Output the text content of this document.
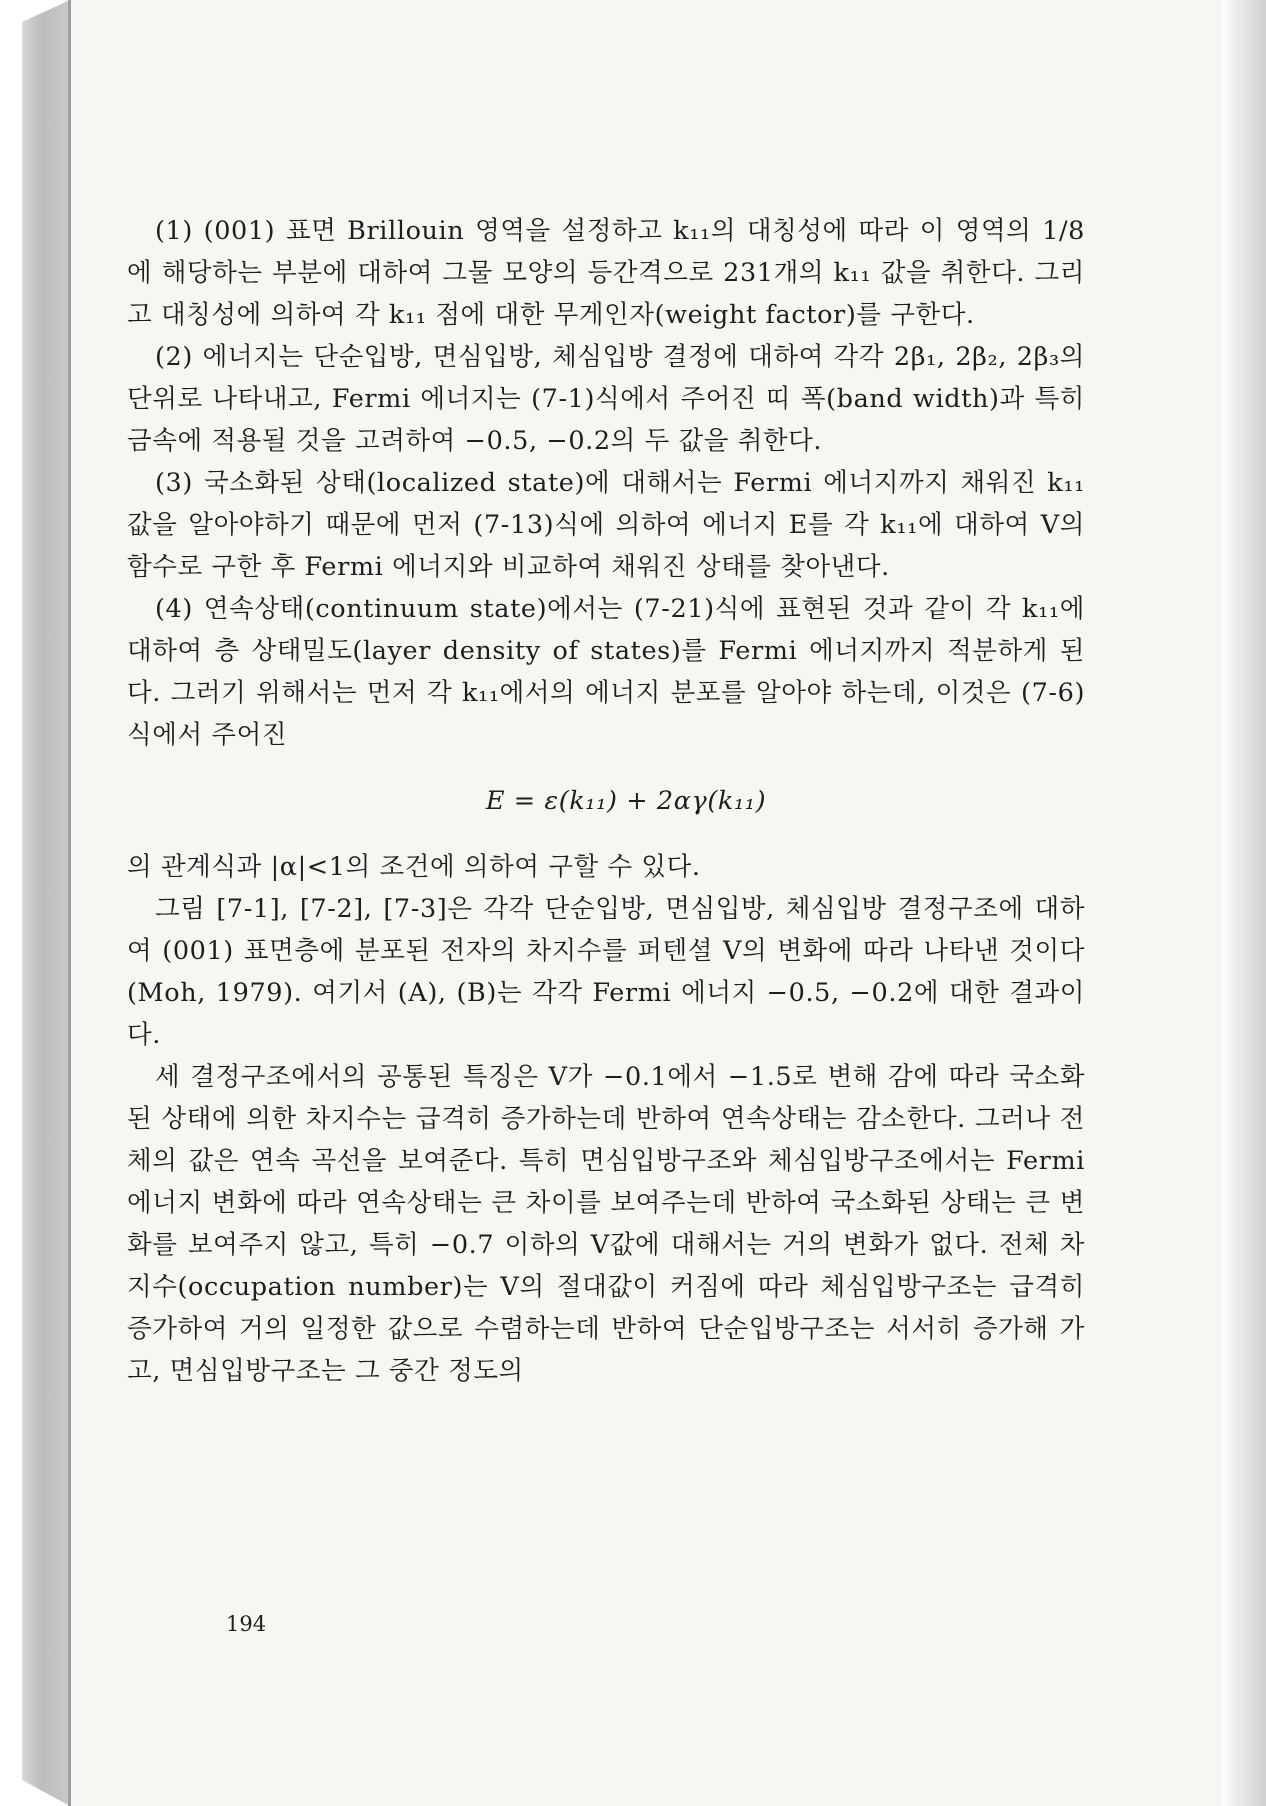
(1) (001) 표면 Brillouin 영역을 설정하고 k₁₁의 대칭성에 따라 이 영역의 1/8에 해당하는 부분에 대하여 그물 모양의 등간격으로 231개의 k₁₁ 값을 취한다. 그리고 대칭성에 의하여 각 k₁₁ 점에 대한 무게인자(weight factor)를 구한다.

(2) 에너지는 단순입방, 면심입방, 체심입방 결정에 대하여 각각 2β₁, 2β₂, 2β₃의 단위로 나타내고, Fermi 에너지는 (7-1)식에서 주어진 띠 폭(band width)과 특히 금속에 적용될 것을 고려하여 −0.5, −0.2의 두 값을 취한다.

(3) 국소화된 상태(localized state)에 대해서는 Fermi 에너지까지 채워진 k₁₁ 값을 알아야하기 때문에 먼저 (7-13)식에 의하여 에너지 E를 각 k₁₁에 대하여 V의 함수로 구한 후 Fermi 에너지와 비교하여 채워진 상태를 찾아낸다.

(4) 연속상태(continuum state)에서는 (7-21)식에 표현된 것과 같이 각 k₁₁에 대하여 층 상태밀도(layer density of states)를 Fermi 에너지까지 적분하게 된다. 그러기 위해서는 먼저 각 k₁₁에서의 에너지 분포를 알아야 하는데, 이것은 (7-6)식에서 주어진

E = ε(k₁₁) + 2αγ(k₁₁)

의 관계식과 |α|<1의 조건에 의하여 구할 수 있다.

그림 [7-1], [7-2], [7-3]은 각각 단순입방, 면심입방, 체심입방 결정구조에 대하여 (001) 표면층에 분포된 전자의 차지수를 퍼텐셜 V의 변화에 따라 나타낸 것이다(Moh, 1979). 여기서 (A), (B)는 각각 Fermi 에너지 −0.5, −0.2에 대한 결과이다.

세 결정구조에서의 공통된 특징은 V가 −0.1에서 −1.5로 변해 감에 따라 국소화된 상태에 의한 차지수는 급격히 증가하는데 반하여 연속상태는 감소한다. 그러나 전체의 값은 연속 곡선을 보여준다. 특히 면심입방구조와 체심입방구조에서는 Fermi 에너지 변화에 따라 연속상태는 큰 차이를 보여주는데 반하여 국소화된 상태는 큰 변화를 보여주지 않고, 특히 −0.7 이하의 V값에 대해서는 거의 변화가 없다. 전체 차지수(occupation number)는 V의 절대값이 커짐에 따라 체심입방구조는 급격히 증가하여 거의 일정한 값으로 수렴하는데 반하여 단순입방구조는 서서히 증가해 가고, 면심입방구조는 그 중간 정도의

194
